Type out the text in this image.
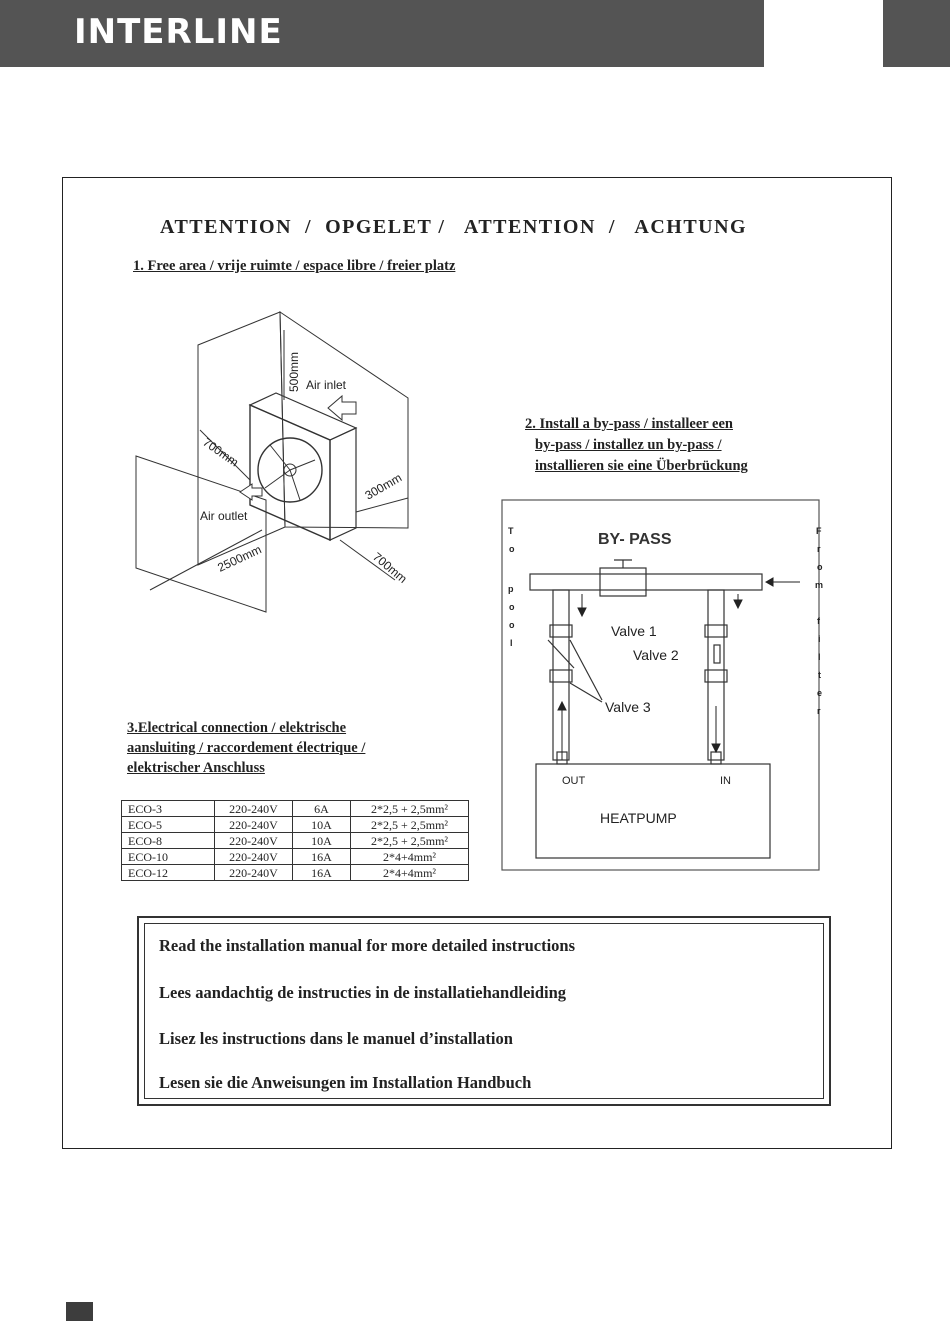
INTERLINE
ATTENTION  /  OPGELET /   ATTENTION  /   ACHTUNG
1. Free area / vrije ruimte / espace libre / freier platz
500mm Air inlet
700mm
300mm
Air outlet
2500mm	700mm
2. Install a by-pass / installeer een
by-pass / installez un by-pass /
installieren sie eine Überbrückung
BY- PASS
T o p o o l
F r o m f i l t e r
Valve 1
Valve 2
Valve 3
OUT	IN
HEATPUMP
3.Electrical connection / elektrische
aansluiting / raccordement électrique /
elektrischer Anschluss
ECO-3	220-240V	6A	2*2,5 + 2,5mm²
ECO-5	220-240V	10A	2*2,5 + 2,5mm²
ECO-8	220-240V	10A	2*2,5 + 2,5mm²
ECO-10	220-240V	16A	2*4+4mm²
ECO-12	220-240V	16A	2*4+4mm²
Read the installation manual for more detailed instructions
Lees aandachtig de instructies in de installatiehandleiding
Lisez les instructions dans le manuel d’installation
Lesen sie die Anweisungen im Installation Handbuch
